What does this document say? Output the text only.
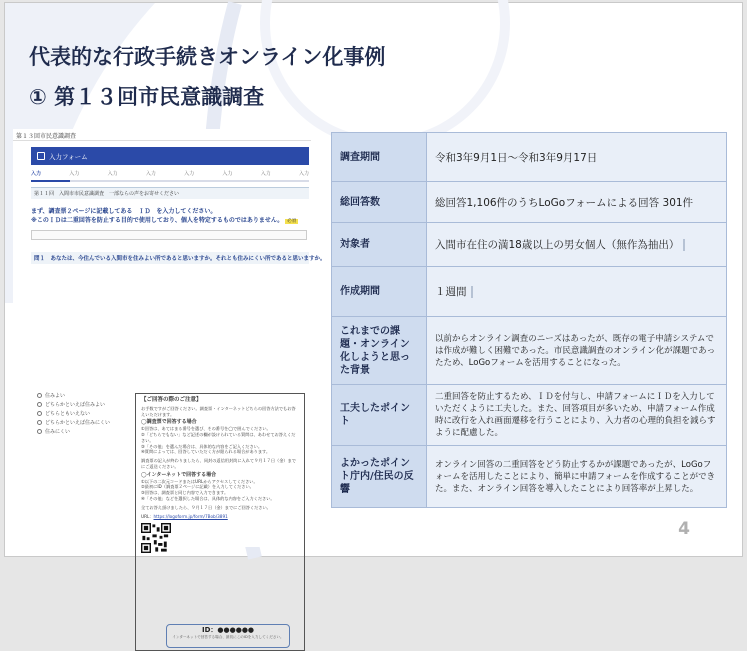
代表的な行政手続きオンライン化事例
① 第１３回市民意識調査
第１３回市民意識調査
入力フォーム
入力	入力	入力	入力	入力	入力	入力	入力
第１１回　入間市市民意識調査　一部ならの声をお寄せください
まず、調査票２ページに記載してある　ＩＤ　を入力してください。
※このＩＤは二重回答を防止する目的で使用しており、個人を特定するものではありません。 必須
問１　あなたは、今住んでいる入間市を住みよい所であると思いますか。それとも住みにくい所であると思いますか。
住みよい
どちらかといえば住みよい
どちらともいえない
どちらかといえば住みにくい
住みにくい
【ご回答の際のご注意】
お手数ですがご回答ください。調査票・インターネットどちらの回答方法でもお答えいただけます。
◯調査票で回答する場合
①回答は、あてはまる番号を選び、その番号を◯で囲んでください。
②「どちらでもない」など記述の欄が設けられている質問は、あわせてお答えください。
③「その他」を選んだ場合は、具体的な内容をご記入ください。
④質問によっては、回答していただく方が限られる場合があります。
調査票の記入が終わりましたら、同封の返信用封筒に入れて９月１７日（金）までにご返送ください。
◯インターネットで回答する場合
①以下の二次元コードまたはURLからアクセスしてください。
②最初にID（調査票２ページに記載）を入力してください。
③回答は、調査票と同じ内容で入力できます。
④「その他」などを選択した場合は、具体的な内容をご入力ください。
全てお答え頂けましたら、９月１７日（金）までにご回答ください。
URL：https://logoform.jp/form/7Bob/3891
ID：●●●●●●
インターネットで回答する場合、最初にこのIDを入力してください。
調査期間	令和3年9月1日～令和3年9月17日
総回答数	総回答1,106件のうちLoGoフォームによる回答 301件
対象者	入間市在住の満18歳以上の男女個人（無作為抽出）
作成期間	１週間
これまでの課題・オンライン化しようと思った背景	以前からオンライン調査のニーズはあったが、既存の電子申請システムでは作成が難しく困難であった。市民意識調査のオンライン化が課題であったため、LoGoフォームを活用することになった。
工夫したポイント	二重回答を防止するため、ＩＤを付与し、申請フォームにＩＤを入力していただくように工夫した。また、回答項目が多いため、申請フォーム作成時に改行を入れ画面遷移を行うことにより、入力者の心理的負担を減らすように配慮した。
よかったポイント庁内/住民の反響	オンライン回答の二重回答をどう防止するかが課題であったが、LoGoフォームを活用したことにより、簡単に申請フォームを作成することができた。また、オンライン回答を導入したことにより回答率が上昇した。
4
